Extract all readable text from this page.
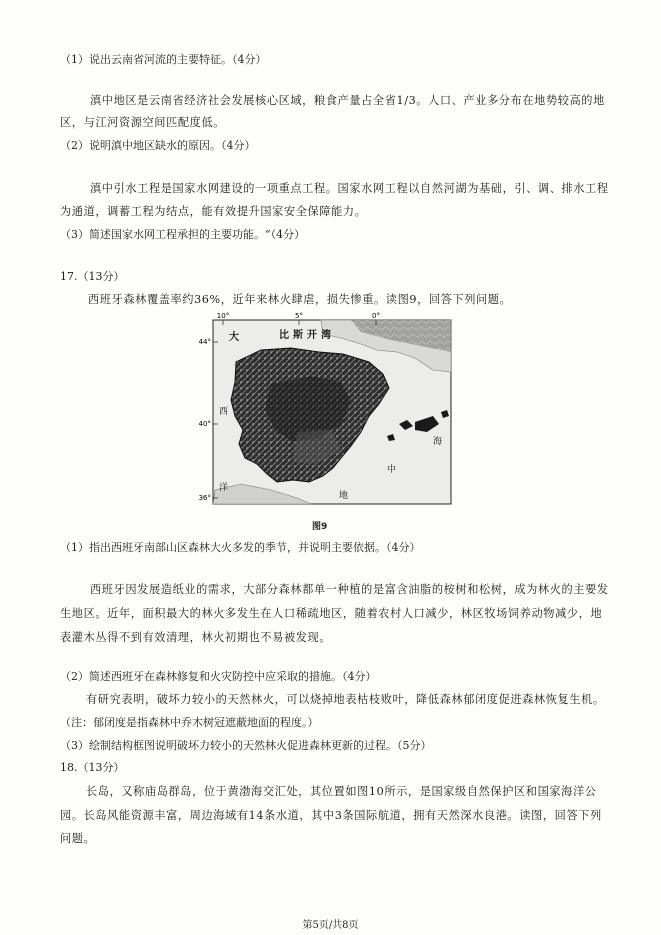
（1）说出云南省河流的主要特征。（4分）
滇中地区是云南省经济社会发展核心区域，粮食产量占全省1/3。人口、产业多分布在地势较高的地
区，与江河资源空间匹配度低。
（2）说明滇中地区缺水的原因。（4分）
滇中引水工程是国家水网建设的一项重点工程。国家水网工程以自然河湖为基础，引、调、排水工程
为通道，调蓄工程为结点，能有效提升国家安全保障能力。
（3）简述国家水网工程承担的主要功能。“（4分）
17.（13分）
西班牙森林覆盖率约36%，近年来林火肆虐，损失惨重。读图9，回答下列问题。
10°	5°	0°
44°
40°
36°
大	比 斯 开 湾
西
洋
海
中
地
图9
（1）指出西班牙南部山区森林大火多发的季节，并说明主要依据。（4分）
西班牙因发展造纸业的需求，大部分森林都单一种植的是富含油脂的桉树和松树，成为林火的主要发
生地区。近年，面积最大的林火多发生在人口稀疏地区，随着农村人口减少，林区牧场饲养动物减少，地
表灌木丛得不到有效清理，林火初期也不易被发现。
（2）简述西班牙在森林修复和火灾防控中应采取的措施。（4分）
有研究表明，破坏力较小的天然林火，可以烧掉地表枯枝败叶，降低森林郁闭度促进森林恢复生机。
（注：郁闭度是指森林中乔木树冠遮蔽地面的程度。）
（3）绘制结构框图说明破坏力较小的天然林火促进森林更新的过程。（5分）
18.（13分）
长岛，又称庙岛群岛，位于黄渤海交汇处，其位置如图10所示，是国家级自然保护区和国家海洋公
园。长岛风能资源丰富，周边海域有14条水道，其中3条国际航道，拥有天然深水良港。读图，回答下列
问题。
第5页/共8页
